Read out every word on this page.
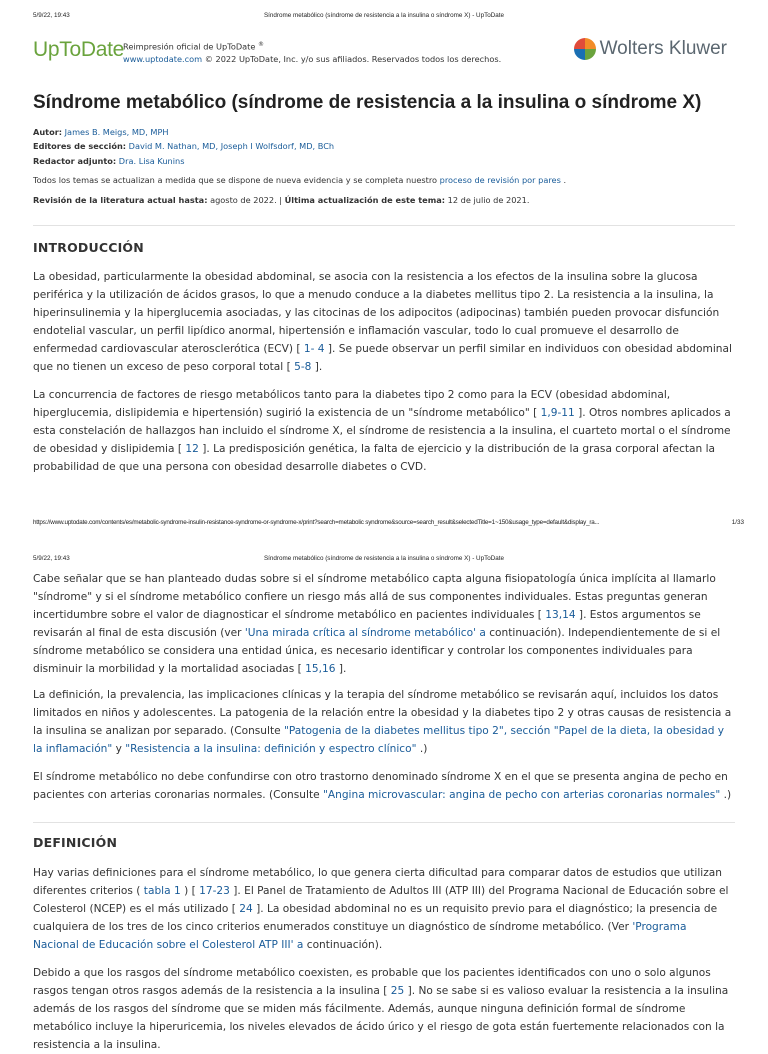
5/9/22, 19:43	Síndrome metabólico (síndrome de resistencia a la insulina o síndrome X) - UpToDate
UpToDate Reimpresión oficial de UpToDate ®
www.uptodate.com © 2022 UpToDate, Inc. y/o sus afiliados. Reservados todos los derechos.	Wolters Kluwer
Síndrome metabólico (síndrome de resistencia a la insulina o síndrome X)
Autor: James B. Meigs, MD, MPH
Editores de sección: David M. Nathan, MD, Joseph I Wolfsdorf, MD, BCh
Redactor adjunto: Dra. Lisa Kunins
Todos los temas se actualizan a medida que se dispone de nueva evidencia y se completa nuestro proceso de revisión por pares .
Revisión de la literatura actual hasta: agosto de 2022. | Última actualización de este tema: 12 de julio de 2021.
INTRODUCCIÓN

La obesidad, particularmente la obesidad abdominal, se asocia con la resistencia a los efectos de la insulina sobre la glucosa periférica y la utilización de ácidos grasos, lo que a menudo conduce a la diabetes mellitus tipo 2. La resistencia a la insulina, la hiperinsulinemia y la hiperglucemia asociadas, y las citocinas de los adipocitos (adipocinas) también pueden provocar disfunción endotelial vascular, un perfil lipídico anormal, hipertensión e inflamación vascular, todo lo cual promueve el desarrollo de enfermedad cardiovascular aterosclerótica (ECV) [ 1- 4 ]. Se puede observar un perfil similar en individuos con obesidad abdominal que no tienen un exceso de peso corporal total [ 5-8 ].

La concurrencia de factores de riesgo metabólicos tanto para la diabetes tipo 2 como para la ECV (obesidad abdominal, hiperglucemia, dislipidemia e hipertensión) sugirió la existencia de un "síndrome metabólico" [ 1,9-11 ]. Otros nombres aplicados a esta constelación de hallazgos han incluido el síndrome X, el síndrome de resistencia a la insulina, el cuarteto mortal o el síndrome de obesidad y dislipidemia [ 12 ]. La predisposición genética, la falta de ejercicio y la distribución de la grasa corporal afectan la probabilidad de que una persona con obesidad desarrolle diabetes o CVD.

https://www.uptodate.com/contents/es/metabolic-syndrome-insulin-resistance-syndrome-or-syndrome-x/print?search=metabolic syndrome&source=search_result&selectedTitle=1~150&usage_type=default&display_ra...	1/33
5/9/22, 19:43	Síndrome metabólico (síndrome de resistencia a la insulina o síndrome X) - UpToDate

Cabe señalar que se han planteado dudas sobre si el síndrome metabólico capta alguna fisiopatología única implícita al llamarlo "síndrome" y si el síndrome metabólico confiere un riesgo más allá de sus componentes individuales. Estas preguntas generan incertidumbre sobre el valor de diagnosticar el síndrome metabólico en pacientes individuales [ 13,14 ]. Estos argumentos se revisarán al final de esta discusión (ver 'Una mirada crítica al síndrome metabólico' a continuación). Independientemente de si el síndrome metabólico se considera una entidad única, es necesario identificar y controlar los componentes individuales para disminuir la morbilidad y la mortalidad asociadas [ 15,16 ].

La definición, la prevalencia, las implicaciones clínicas y la terapia del síndrome metabólico se revisarán aquí, incluidos los datos limitados en niños y adolescentes. La patogenia de la relación entre la obesidad y la diabetes tipo 2 y otras causas de resistencia a la insulina se analizan por separado. (Consulte "Patogenia de la diabetes mellitus tipo 2", sección "Papel de la dieta, la obesidad y la inflamación" y "Resistencia a la insulina: definición y espectro clínico" .)

El síndrome metabólico no debe confundirse con otro trastorno denominado síndrome X en el que se presenta angina de pecho en pacientes con arterias coronarias normales. (Consulte "Angina microvascular: angina de pecho con arterias coronarias normales" .)

DEFINICIÓN

Hay varias definiciones para el síndrome metabólico, lo que genera cierta dificultad para comparar datos de estudios que utilizan diferentes criterios ( tabla 1 ) [ 17-23 ]. El Panel de Tratamiento de Adultos III (ATP III) del Programa Nacional de Educación sobre el Colesterol (NCEP) es el más utilizado [ 24 ]. La obesidad abdominal no es un requisito previo para el diagnóstico; la presencia de cualquiera de los tres de los cinco criterios enumerados constituye un diagnóstico de síndrome metabólico. (Ver 'Programa Nacional de Educación sobre el Colesterol ATP III' a continuación).

Debido a que los rasgos del síndrome metabólico coexisten, es probable que los pacientes identificados con uno o solo algunos rasgos tengan otros rasgos además de la resistencia a la insulina [ 25 ]. No se sabe si es valioso evaluar la resistencia a la insulina además de los rasgos del síndrome que se miden más fácilmente. Además, aunque ninguna definición formal de síndrome metabólico incluye la hiperuricemia, los niveles elevados de ácido úrico y el riesgo de gota están fuertemente relacionados con la resistencia a la insulina.
